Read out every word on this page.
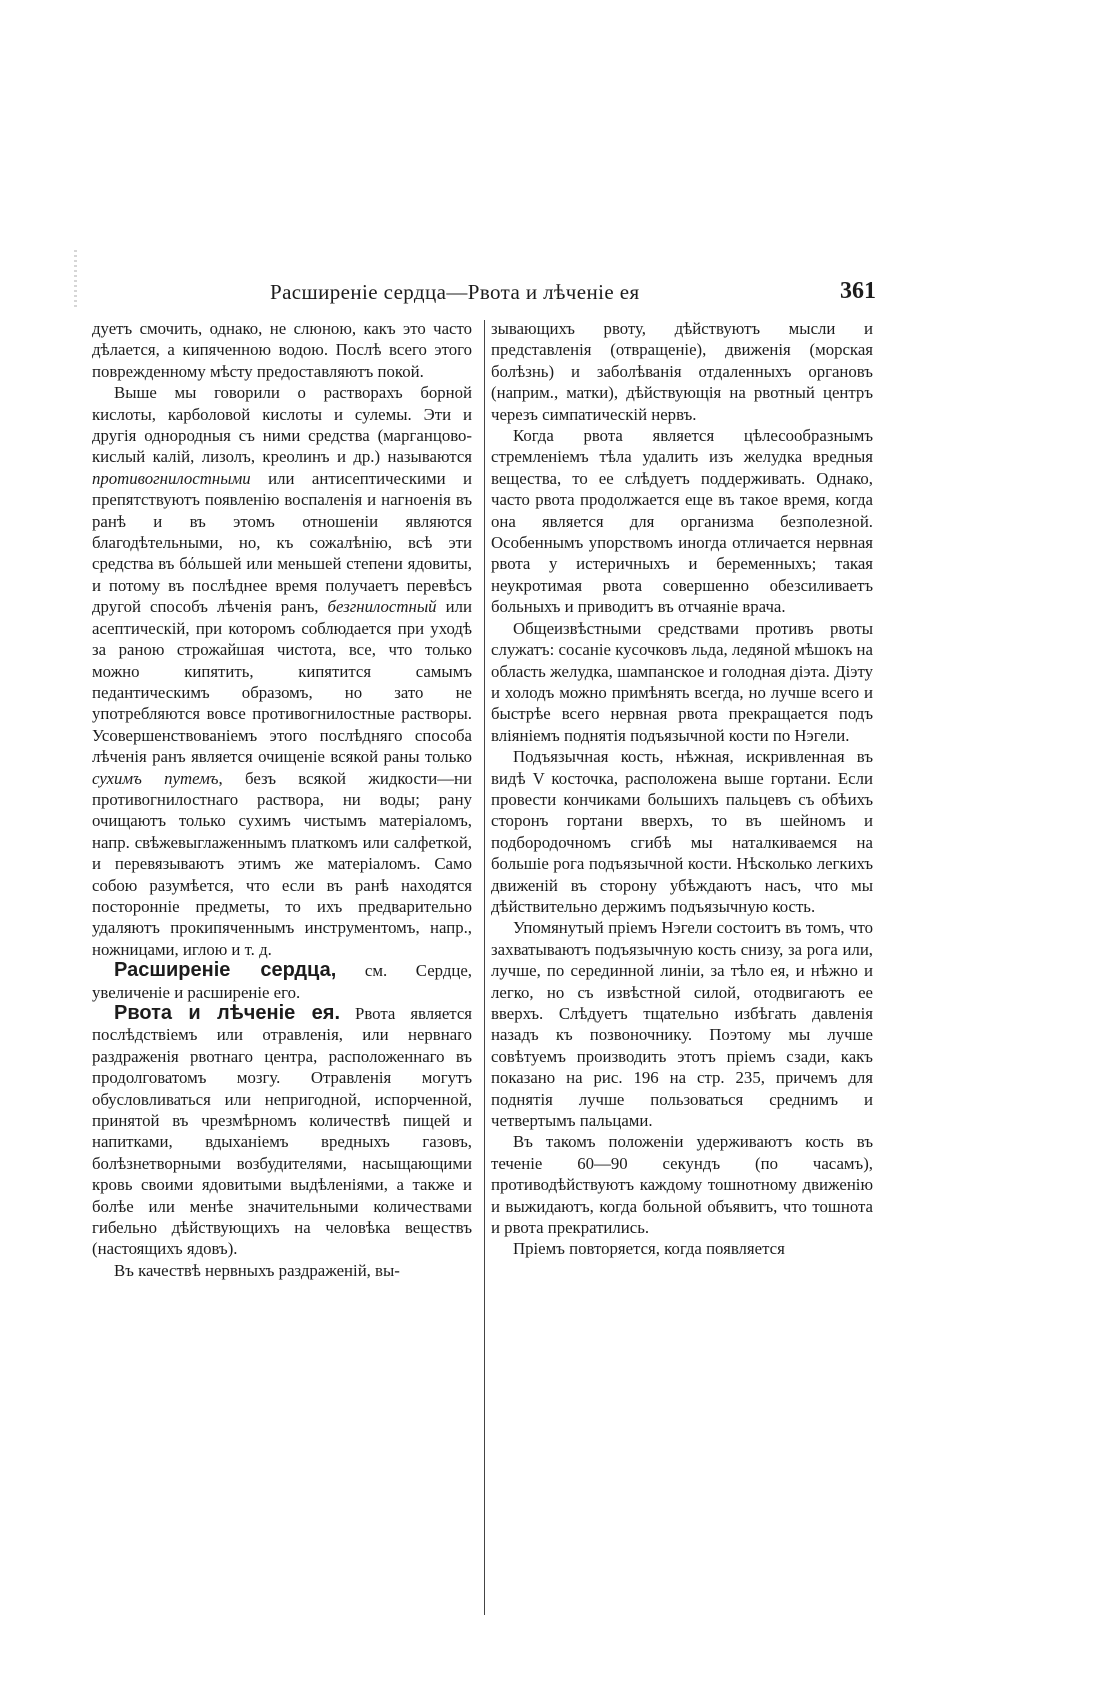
Расширеніе сердца—Рвота и лѣченіе ея	361

дуетъ смочить, однако, не слюною, какъ это часто дѣлается, а кипяченною водою. Послѣ всего этого поврежденному мѣсту предоставляютъ покой.

Выше мы говорили о растворахъ борной кислоты, карболовой кислоты и сулемы. Эти и другія однородныя съ ними средства (марганцово-кислый калій, лизолъ, креолинъ и др.) называются противогнилостными или антисептическими и препятствуютъ появленію воспаленія и нагноенія въ ранѣ и въ этомъ отношеніи являются благодѣтельными, но, къ сожалѣнію, всѣ эти средства въ бόльшей или меньшей степени ядовиты, и потому въ послѣднее время получаетъ перевѣсъ другой способъ лѣченія ранъ, безгнилостный или асептическій, при которомъ соблюдается при уходѣ за раною строжайшая чистота, все, что только можно кипятить, кипятится самымъ педантическимъ образомъ, но зато не употребляются вовсе противогнилостные растворы. Усовершенствованіемъ этого послѣдняго способа лѣченія ранъ является очищеніе всякой раны только сухимъ путемъ, безъ всякой жидкости—ни противогнилостнаго раствора, ни воды; рану очищаютъ только сухимъ чистымъ матеріаломъ, напр. свѣжевыглаженнымъ платкомъ или салфеткой, и перевязываютъ этимъ же матеріаломъ. Само собою разумѣется, что если въ ранѣ находятся посторонніе предметы, то ихъ предварительно удаляютъ прокипяченнымъ инструментомъ, напр., ножницами, иглою и т. д.

Расширеніе сердца, см. Сердце, увеличеніе и расширеніе его.

Рвота и лѣченіе ея. Рвота является послѣдствіемъ или отравленія, или нервнаго раздраженія рвотнаго центра, расположеннаго въ продолговатомъ мозгу. Отравленія могутъ обусловливаться или непригодной, испорченной, принятой въ чрезмѣрномъ количествѣ пищей и напитками, вдыханіемъ вредныхъ газовъ, болѣзнетворными возбудителями, насыщающими кровь своими ядовитыми выдѣленіями, а также и болѣе или менѣе значительными количествами гибельно дѣйствующихъ на человѣка веществъ (настоящихъ ядовъ).

Въ качествѣ нервныхъ раздраженій, вы-

зывающихъ рвоту, дѣйствуютъ мысли и представленія (отвращеніе), движенія (морская болѣзнь) и заболѣванія отдаленныхъ органовъ (наприм., матки), дѣйствующія на рвотный центръ черезъ симпатическій нервъ.

Когда рвота является цѣлесообразнымъ стремленіемъ тѣла удалить изъ желудка вредныя вещества, то ее слѣдуетъ поддерживать. Однако, часто рвота продолжается еще въ такое время, когда она является для организма безполезной. Особеннымъ упорствомъ иногда отличается нервная рвота у истеричныхъ и беременныхъ; такая неукротимая рвота совершенно обезсиливаетъ больныхъ и приводитъ въ отчаяніе врача.

Общеизвѣстными средствами противъ рвоты служатъ: сосаніе кусочковъ льда, ледяной мѣшокъ на область желудка, шампанское и голодная діэта. Діэту и холодъ можно примѣнять всегда, но лучше всего и быстрѣе всего нервная рвота прекращается подъ вліяніемъ поднятія подъязычной кости по Нэгели.

Подъязычная кость, нѣжная, искривленная въ видѣ V косточка, расположена выше гортани. Если провести кончиками большихъ пальцевъ съ обѣихъ сторонъ гортани вверхъ, то въ шейномъ и подбородочномъ сгибѣ мы наталкиваемся на большіе рога подъязычной кости. Нѣсколько легкихъ движеній въ сторону убѣждаютъ насъ, что мы дѣйствительно держимъ подъязычную кость.

Упомянутый пріемъ Нэгели состоитъ въ томъ, что захватываютъ подъязычную кость снизу, за рога или, лучше, по серединной линіи, за тѣло ея, и нѣжно и легко, но съ извѣстной силой, отодвигаютъ ее вверхъ. Слѣдуетъ тщательно избѣгать давленія назадъ къ позвоночнику. Поэтому мы лучше совѣтуемъ производить этотъ пріемъ сзади, какъ показано на рис. 196 на стр. 235, причемъ для поднятія лучше пользоваться среднимъ и четвертымъ пальцами.

Въ такомъ положеніи удерживаютъ кость въ теченіе 60—90 секундъ (по часамъ), противодѣйствуютъ каждому тошнотному движенію и выжидаютъ, когда больной объявитъ, что тошнота и рвота прекратились.

Пріемъ повторяется, когда появляется
